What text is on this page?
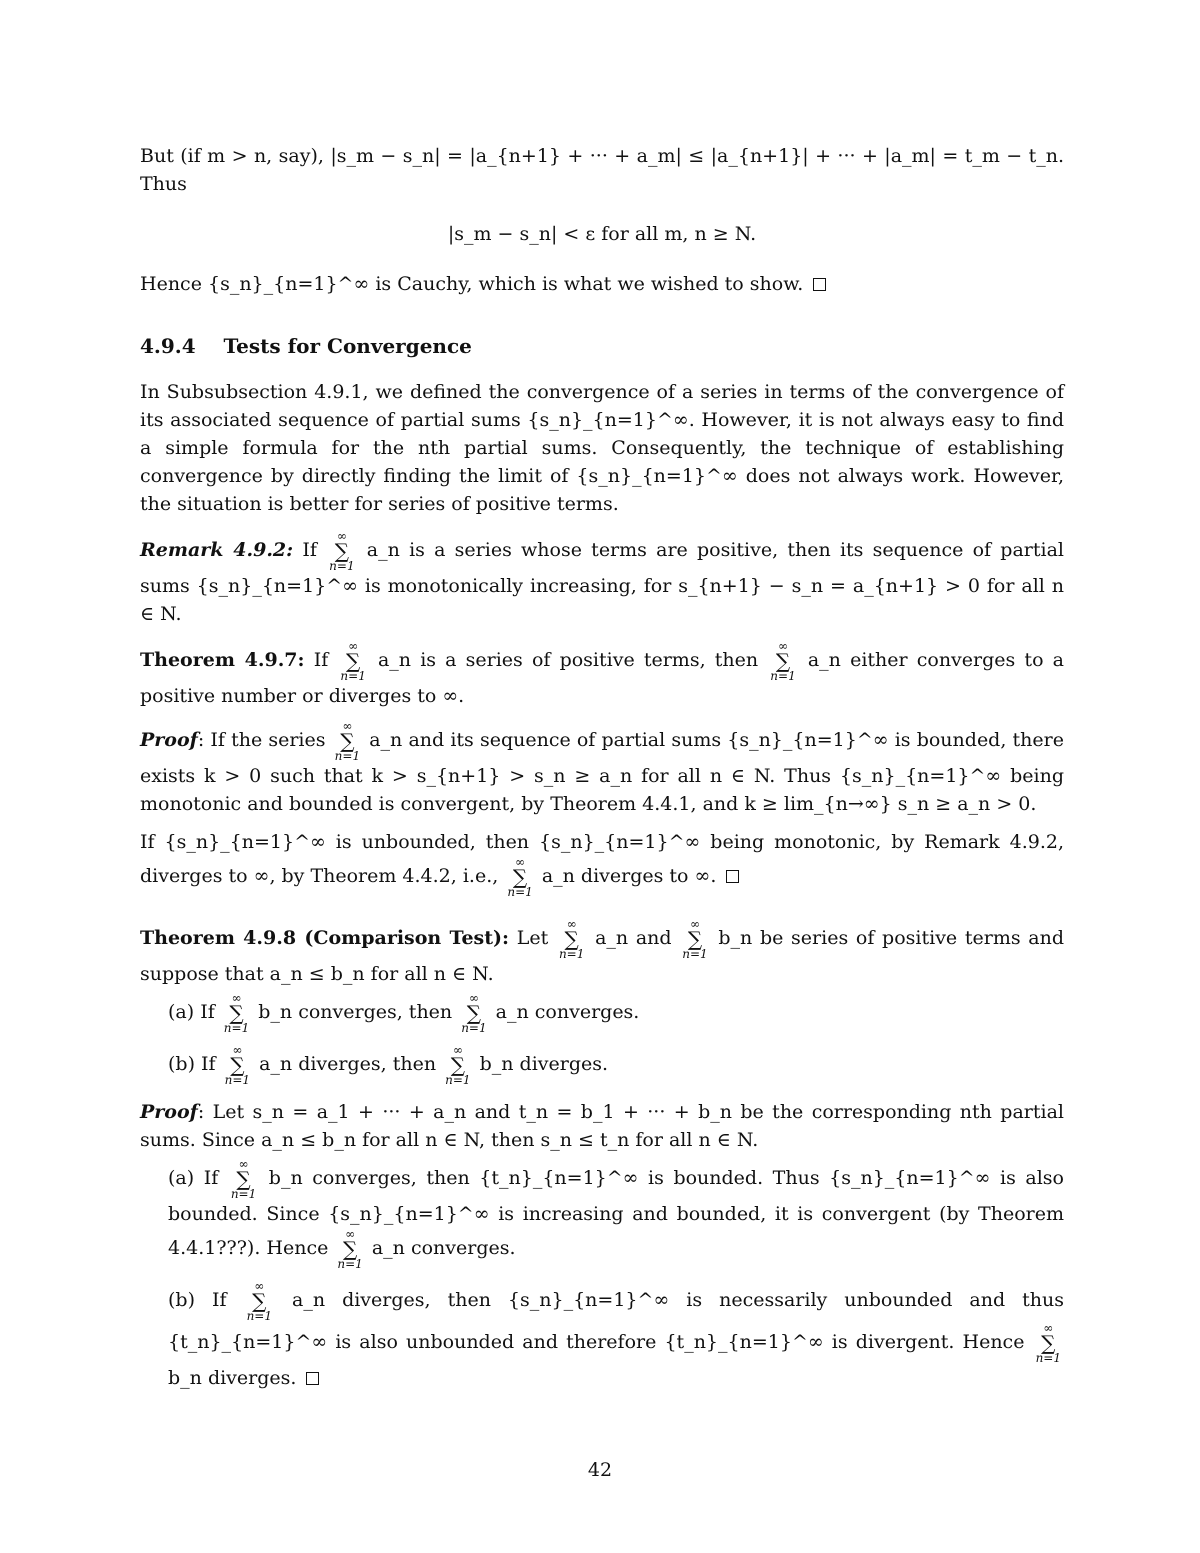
But (if m > n, say), |s_m − s_n| = |a_{n+1} + ··· + a_m| ≤ |a_{n+1}| + ··· + |a_m| = t_m − t_n. Thus

|s_m − s_n| < ε for all m, n ≥ N.

Hence {s_n}_{n=1}^∞ is Cauchy, which is what we wished to show.

4.9.4 Tests for Convergence

In Subsubsection 4.9.1, we defined the convergence of a series in terms of the convergence of its associated sequence of partial sums {s_n}_{n=1}^∞. However, it is not always easy to find a simple formula for the nth partial sums. Consequently, the technique of establishing convergence by directly finding the limit of {s_n}_{n=1}^∞ does not always work. However, the situation is better for series of positive terms.

Remark 4.9.2: If
∞
∑
n=1
a_n is a series whose terms are positive, then its sequence of partial sums {s_n}_{n=1}^∞ is monotonically increasing, for s_{n+1} − s_n = a_{n+1} > 0 for all n ∈ N.

Theorem 4.9.7: If
∞
∑
n=1
a_n is a series of positive terms, then
∞
∑
n=1
a_n either converges to a positive number or diverges to ∞.

Proof: If the series
∞
∑
n=1
a_n and its sequence of partial sums {s_n}_{n=1}^∞ is bounded, there exists k > 0 such that k > s_{n+1} > s_n ≥ a_n for all n ∈ N. Thus {s_n}_{n=1}^∞ being monotonic and bounded is convergent, by Theorem 4.4.1, and k ≥ lim_{n→∞} s_n ≥ a_n > 0.

If {s_n}_{n=1}^∞ is unbounded, then {s_n}_{n=1}^∞ being monotonic, by Remark 4.9.2, diverges to ∞, by Theorem 4.4.2, i.e.,
∞
∑
n=1
a_n diverges to ∞.

Theorem 4.9.8 (Comparison Test): Let
∞
∑
n=1
a_n and
∞
∑
n=1
b_n be series of positive terms and suppose that a_n ≤ b_n for all n ∈ N.

(a) If
∞
∑
n=1
b_n converges, then
∞
∑
n=1
a_n converges.

(b) If
∞
∑
n=1
a_n diverges, then
∞
∑
n=1
b_n diverges.

Proof: Let s_n = a_1 + ··· + a_n and t_n = b_1 + ··· + b_n be the corresponding nth partial sums. Since a_n ≤ b_n for all n ∈ N, then s_n ≤ t_n for all n ∈ N.

(a) If
∞
∑
n=1
b_n converges, then {t_n}_{n=1}^∞ is bounded. Thus {s_n}_{n=1}^∞ is also bounded. Since {s_n}_{n=1}^∞ is increasing and bounded, it is convergent (by Theorem 4.4.1???). Hence
∞
∑
n=1
a_n converges.

(b) If
∞
∑
n=1
a_n diverges, then {s_n}_{n=1}^∞ is necessarily unbounded and thus {t_n}_{n=1}^∞ is also unbounded and therefore {t_n}_{n=1}^∞ is divergent. Hence
∞
∑
n=1
b_n diverges.

42
